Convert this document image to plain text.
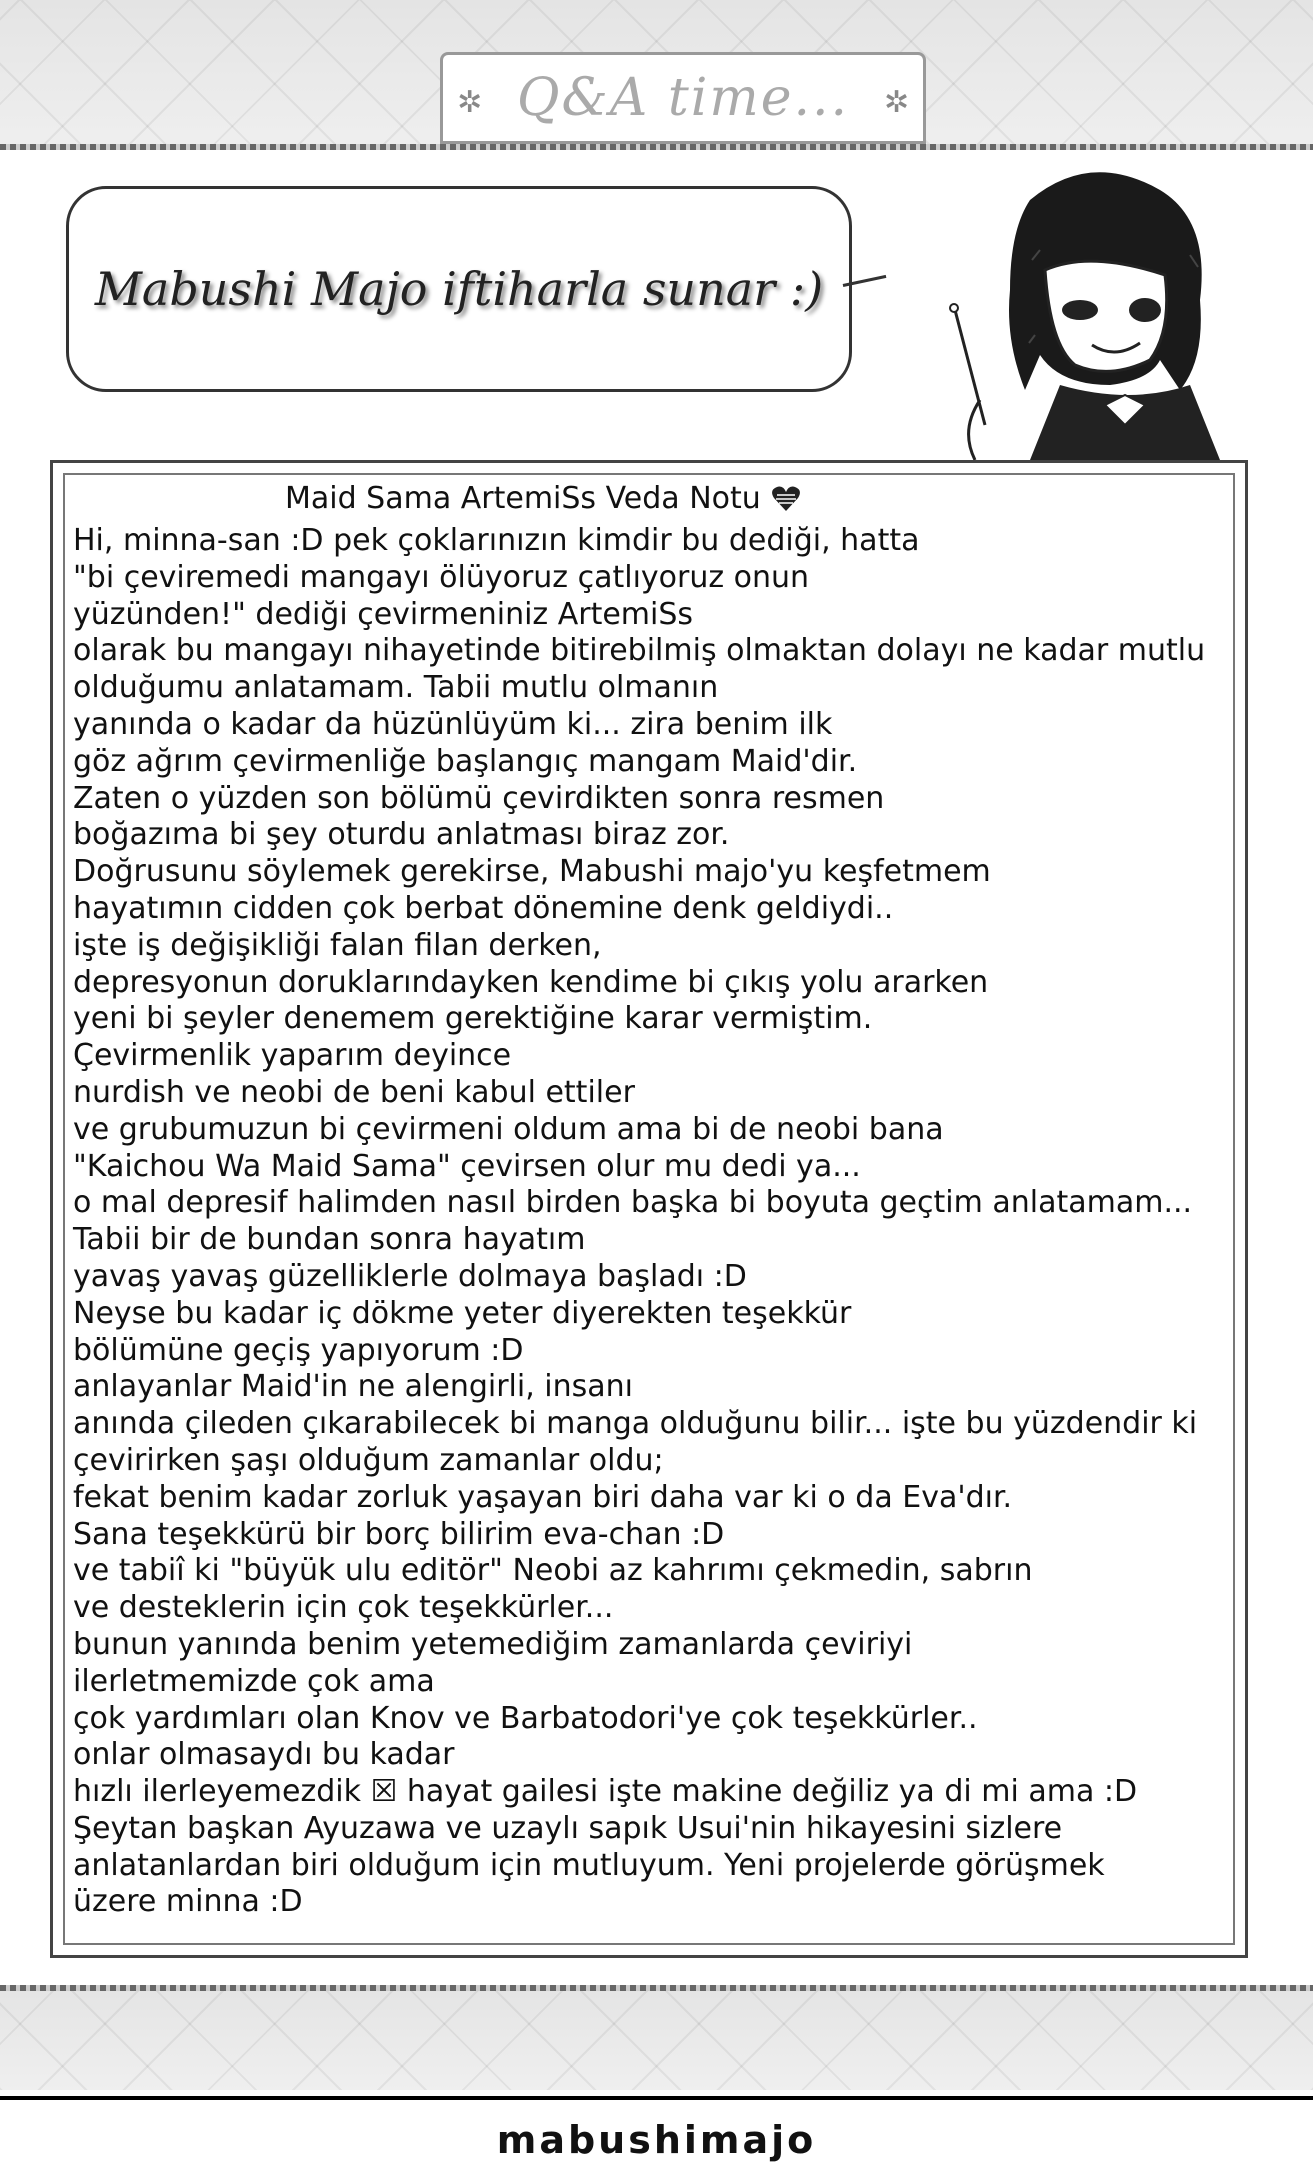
✲ Q&A time... ✲
Mabushi Majo iftiharla sunar :)
Maid Sama ArtemiSs Veda Notu
Hi, minna-san :D pek çoklarınızın kimdir bu dediği, hatta
"bi çeviremedi mangayı ölüyoruz çatlıyoruz onun
yüzünden!" dediği çevirmeniniz ArtemiSs
olarak bu mangayı nihayetinde bitirebilmiş olmaktan dolayı ne kadar mutlu
olduğumu anlatamam. Tabii mutlu olmanın
yanında o kadar da hüzünlüyüm ki... zira benim ilk
göz ağrım çevirmenliğe başlangıç mangam Maid'dir.
Zaten o yüzden son bölümü çevirdikten sonra resmen
boğazıma bi şey oturdu anlatması biraz zor.
Doğrusunu söylemek gerekirse, Mabushi majo'yu keşfetmem
hayatımın cidden çok berbat dönemine denk geldiydi..
işte iş değişikliği falan filan derken,
depresyonun doruklarındayken kendime bi çıkış yolu ararken
yeni bi şeyler denemem gerektiğine karar vermiştim.
Çevirmenlik yaparım deyince
nurdish ve neobi de beni kabul ettiler
ve grubumuzun bi çevirmeni oldum ama bi de neobi bana
"Kaichou Wa Maid Sama" çevirsen olur mu dedi ya...
o mal depresif halimden nasıl birden başka bi boyuta geçtim anlatamam...
Tabii bir de bundan sonra hayatım
yavaş yavaş güzelliklerle dolmaya başladı :D
Neyse bu kadar iç dökme yeter diyerekten teşekkür
bölümüne geçiş yapıyorum :D
anlayanlar Maid'in ne alengirli, insanı
anında çileden çıkarabilecek bi manga olduğunu bilir... işte bu yüzdendir ki
çevirirken şaşı olduğum zamanlar oldu;
fekat benim kadar zorluk yaşayan biri daha var ki o da Eva'dır.
Sana teşekkürü bir borç bilirim eva-chan :D
ve tabiî ki "büyük ulu editör" Neobi az kahrımı çekmedin, sabrın
ve desteklerin için çok teşekkürler...
bunun yanında benim yetemediğim zamanlarda çeviriyi
ilerletmemizde çok ama
çok yardımları olan Knov ve Barbatodori'ye çok teşekkürler..
onlar olmasaydı bu kadar
hızlı ilerleyemezdik ☒ hayat gailesi işte makine değiliz ya di mi ama :D
Şeytan başkan Ayuzawa ve uzaylı sapık Usui'nin hikayesini sizlere
anlatanlardan biri olduğum için mutluyum. Yeni projelerde görüşmek
üzere minna :D
mabushimajo
